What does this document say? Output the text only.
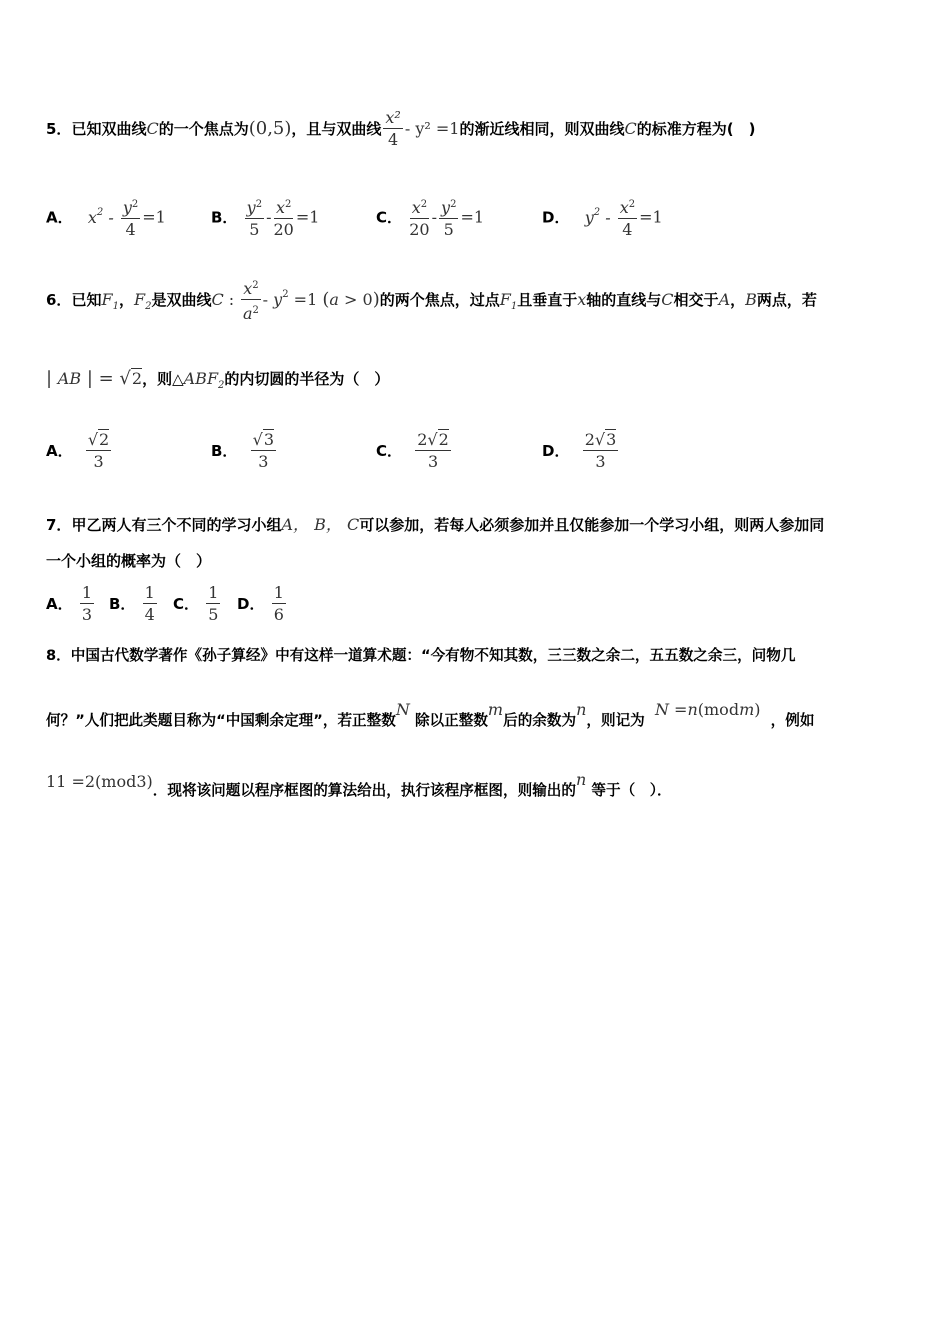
5．已知双曲线C的一个焦点为(0,5)，且与双曲线 $\frac{\text{x²}}{4} - y^2 =1$的渐近线相同，则双曲线C的标准方程为(　)
A． $x^2 - \frac{y^2}{4} =1$	B． $\frac{y^2}{5} - \frac{x^2}{20} =1$	C． $\frac{x^2}{20} - \frac{y^2}{5} =1$	D． $y^2 - \frac{x^2}{4} =1$
6．已知$F_1$，$F_2$是双曲线C : $\frac{x^2}{a^2} - y^2 =1$ (a > 0)的两个焦点，过点$F_1$且垂直于x轴的直线与C相交于A，B两点，若
| AB | = √2，则$\triangle ABF_2$的内切圆的半径为（　）
A． $\frac{√2}{3}$	B． $\frac{√3}{3}$	C． $\frac{2√2}{3}$	D． $\frac{2√3}{3}$
7．甲乙两人有三个不同的学习小组A， B， C可以参加，若每人必须参加并且仅能参加一个学习小组，则两人参加同
一个小组的概率为（　）
A． $\frac{1}{3}$ B． $\frac{1}{4}$ C． $\frac{1}{5}$ D． $\frac{1}{6}$
8．中国古代数学著作《孙子算经》中有这样一道算术题：“今有物不知其数，三三数之余二，五五数之余三，问物几
何？”人们把此类题目称为“中国剩余定理”，若正整数N 除以正整数m后的余数为n，则记为  N =n(modm)  ，例如
11 =2(mod3)．现将该问题以程序框图的算法给出，执行该程序框图，则输出的n 等于（　）．
